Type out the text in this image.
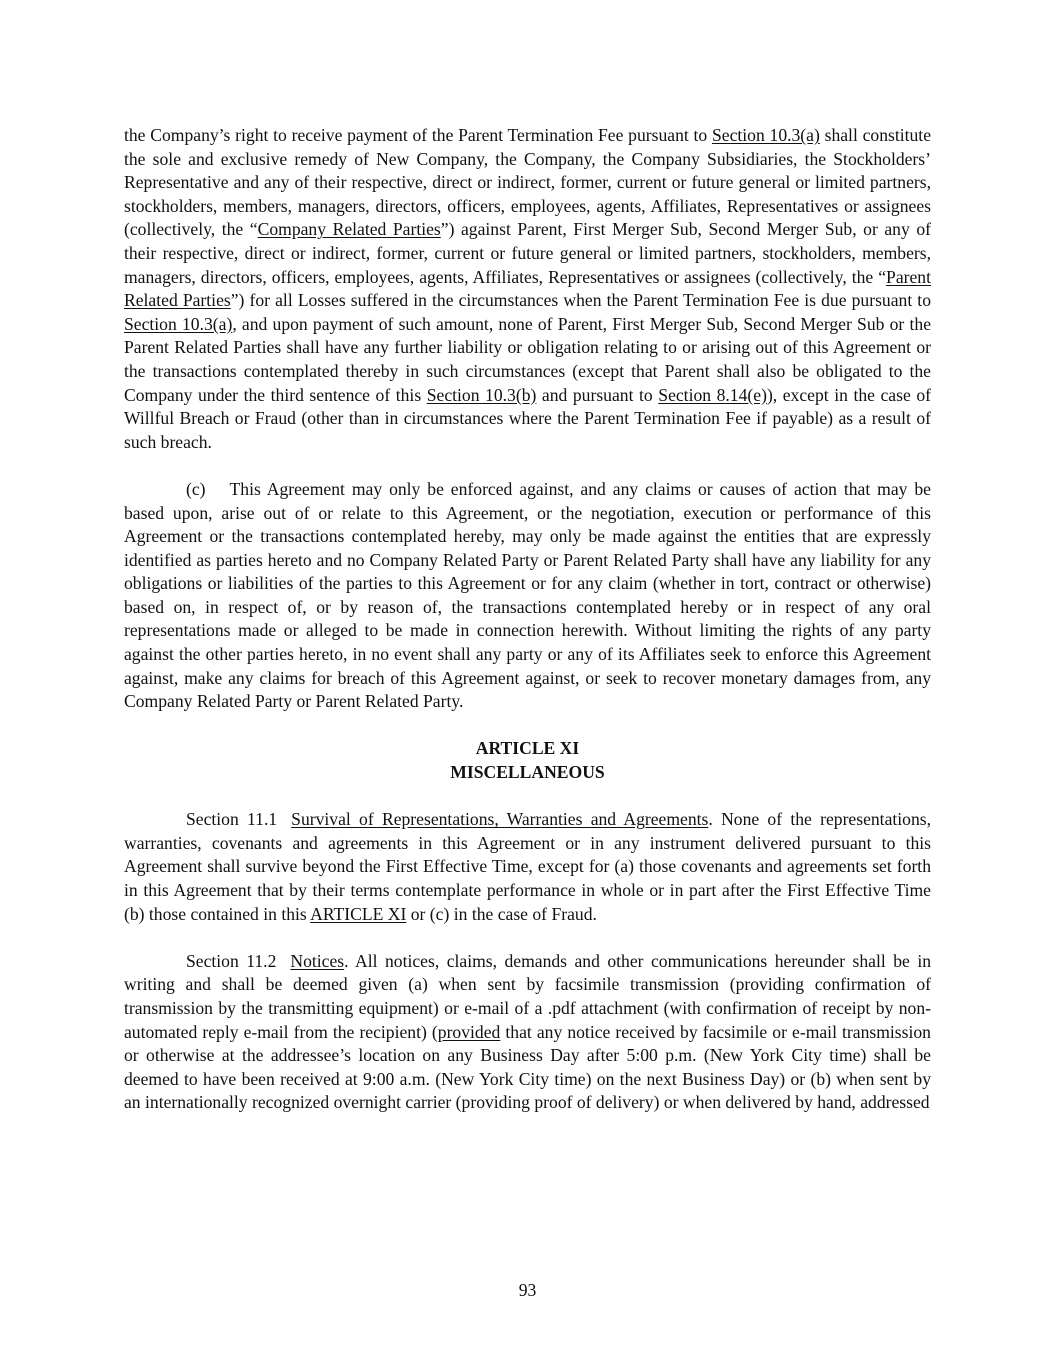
the Company’s right to receive payment of the Parent Termination Fee pursuant to Section 10.3(a) shall constitute the sole and exclusive remedy of New Company, the Company, the Company Subsidiaries, the Stockholders’ Representative and any of their respective, direct or indirect, former, current or future general or limited partners, stockholders, members, managers, directors, officers, employees, agents, Affiliates, Representatives or assignees (collectively, the “Company Related Parties”) against Parent, First Merger Sub, Second Merger Sub, or any of their respective, direct or indirect, former, current or future general or limited partners, stockholders, members, managers, directors, officers, employees, agents, Affiliates, Representatives or assignees (collectively, the “Parent Related Parties”) for all Losses suffered in the circumstances when the Parent Termination Fee is due pursuant to Section 10.3(a), and upon payment of such amount, none of Parent, First Merger Sub, Second Merger Sub or the Parent Related Parties shall have any further liability or obligation relating to or arising out of this Agreement or the transactions contemplated thereby in such circumstances (except that Parent shall also be obligated to the Company under the third sentence of this Section 10.3(b) and pursuant to Section 8.14(e)), except in the case of Willful Breach or Fraud (other than in circumstances where the Parent Termination Fee if payable) as a result of such breach.

(c) This Agreement may only be enforced against, and any claims or causes of action that may be based upon, arise out of or relate to this Agreement, or the negotiation, execution or performance of this Agreement or the transactions contemplated hereby, may only be made against the entities that are expressly identified as parties hereto and no Company Related Party or Parent Related Party shall have any liability for any obligations or liabilities of the parties to this Agreement or for any claim (whether in tort, contract or otherwise) based on, in respect of, or by reason of, the transactions contemplated hereby or in respect of any oral representations made or alleged to be made in connection herewith. Without limiting the rights of any party against the other parties hereto, in no event shall any party or any of its Affiliates seek to enforce this Agreement against, make any claims for breach of this Agreement against, or seek to recover monetary damages from, any Company Related Party or Parent Related Party.

ARTICLE XI

MISCELLANEOUS

Section 11.1 Survival of Representations, Warranties and Agreements. None of the representations, warranties, covenants and agreements in this Agreement or in any instrument delivered pursuant to this Agreement shall survive beyond the First Effective Time, except for (a) those covenants and agreements set forth in this Agreement that by their terms contemplate performance in whole or in part after the First Effective Time (b) those contained in this ARTICLE XI or (c) in the case of Fraud.

Section 11.2 Notices. All notices, claims, demands and other communications hereunder shall be in writing and shall be deemed given (a) when sent by facsimile transmission (providing confirmation of transmission by the transmitting equipment) or e-mail of a .pdf attachment (with confirmation of receipt by non-automated reply e-mail from the recipient) (provided that any notice received by facsimile or e-mail transmission or otherwise at the addressee’s location on any Business Day after 5:00 p.m. (New York City time) shall be deemed to have been received at 9:00 a.m. (New York City time) on the next Business Day) or (b) when sent by an internationally recognized overnight carrier (providing proof of delivery) or when delivered by hand, addressed

93
